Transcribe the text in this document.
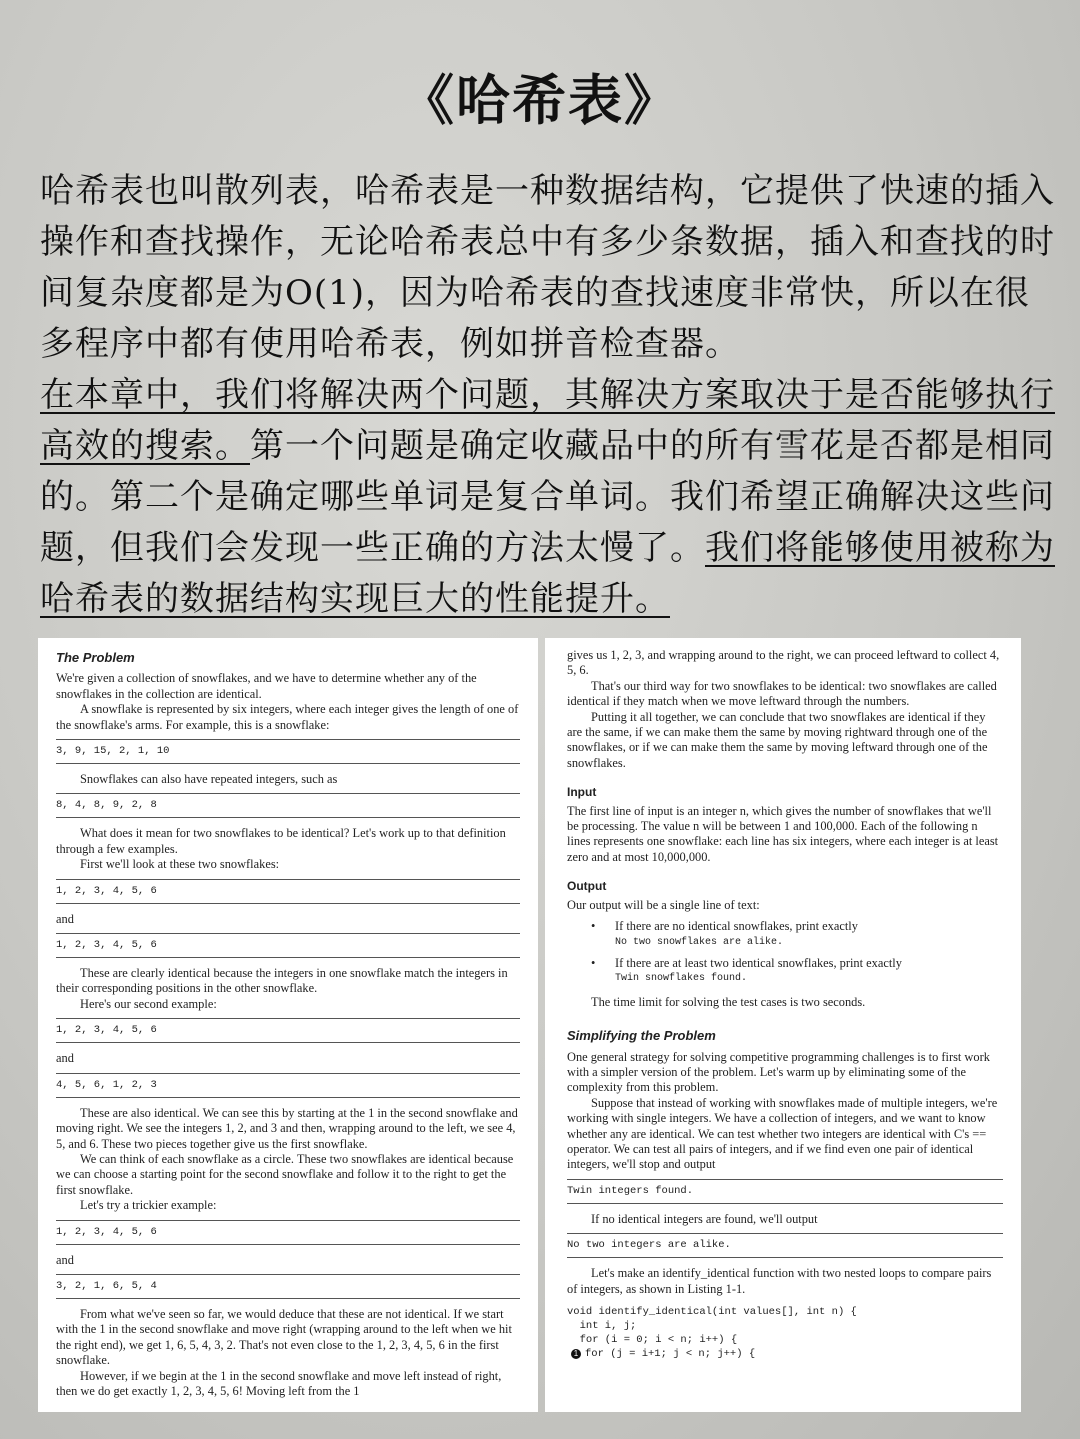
《哈希表》

哈希表也叫散列表，哈希表是一种数据结构，它提供了快速的插入操作和查找操作，无论哈希表总中有多少条数据，插入和查找的时间复杂度都是为O(1)，因为哈希表的查找速度非常快，所以在很多程序中都有使用哈希表，例如拼音检查器。

在本章中，我们将解决两个问题，其解决方案取决于是否能够执行高效的搜索。第一个问题是确定收藏品中的所有雪花是否都是相同的。第二个是确定哪些单词是复合单词。我们希望正确解决这些问题，但我们会发现一些正确的方法太慢了。我们将能够使用被称为哈希表的数据结构实现巨大的性能提升。

The Problem

We're given a collection of snowflakes, and we have to determine whether any of the snowflakes in the collection are identical.

A snowflake is represented by six integers, where each integer gives the length of one of the snowflake's arms. For example, this is a snowflake:

3, 9, 15, 2, 1, 10

Snowflakes can also have repeated integers, such as

8, 4, 8, 9, 2, 8

What does it mean for two snowflakes to be identical? Let's work up to that definition through a few examples.

First we'll look at these two snowflakes:

1, 2, 3, 4, 5, 6

and

1, 2, 3, 4, 5, 6

These are clearly identical because the integers in one snowflake match the integers in their corresponding positions in the other snowflake.

Here's our second example:

1, 2, 3, 4, 5, 6

and

4, 5, 6, 1, 2, 3

These are also identical. We can see this by starting at the 1 in the second snowflake and moving right. We see the integers 1, 2, and 3 and then, wrapping around to the left, we see 4, 5, and 6. These two pieces together give us the first snowflake.

We can think of each snowflake as a circle. These two snowflakes are identical because we can choose a starting point for the second snowflake and follow it to the right to get the first snowflake.

Let's try a trickier example:

1, 2, 3, 4, 5, 6

and

3, 2, 1, 6, 5, 4

From what we've seen so far, we would deduce that these are not identical. If we start with the 1 in the second snowflake and move right (wrapping around to the left when we hit the right end), we get 1, 6, 5, 4, 3, 2. That's not even close to the 1, 2, 3, 4, 5, 6 in the first snowflake.

However, if we begin at the 1 in the second snowflake and move left instead of right, then we do get exactly 1, 2, 3, 4, 5, 6! Moving left from the 1

gives us 1, 2, 3, and wrapping around to the right, we can proceed leftward to collect 4, 5, 6.

That's our third way for two snowflakes to be identical: two snowflakes are called identical if they match when we move leftward through the numbers.

Putting it all together, we can conclude that two snowflakes are identical if they are the same, if we can make them the same by moving rightward through one of the snowflakes, or if we can make them the same by moving leftward through one of the snowflakes.

Input

The first line of input is an integer n, which gives the number of snowflakes that we'll be processing. The value n will be between 1 and 100,000. Each of the following n lines represents one snowflake: each line has six integers, where each integer is at least zero and at most 10,000,000.

Output

Our output will be a single line of text:

• If there are no identical snowflakes, print exactly
No two snowflakes are alike.
• If there are at least two identical snowflakes, print exactly
Twin snowflakes found.

The time limit for solving the test cases is two seconds.

Simplifying the Problem

One general strategy for solving competitive programming challenges is to first work with a simpler version of the problem. Let's warm up by eliminating some of the complexity from this problem.

Suppose that instead of working with snowflakes made of multiple integers, we're working with single integers. We have a collection of integers, and we want to know whether any are identical. We can test whether two integers are identical with C's == operator. We can test all pairs of integers, and if we find even one pair of identical integers, we'll stop and output

Twin integers found.

If no identical integers are found, we'll output

No two integers are alike.

Let's make an identify_identical function with two nested loops to compare pairs of integers, as shown in Listing 1-1.

void identify_identical(int values[], int n) {
int i, j;
for (i = 0; i < n; i++) {
1 for (j = i+1; j < n; j++) {
